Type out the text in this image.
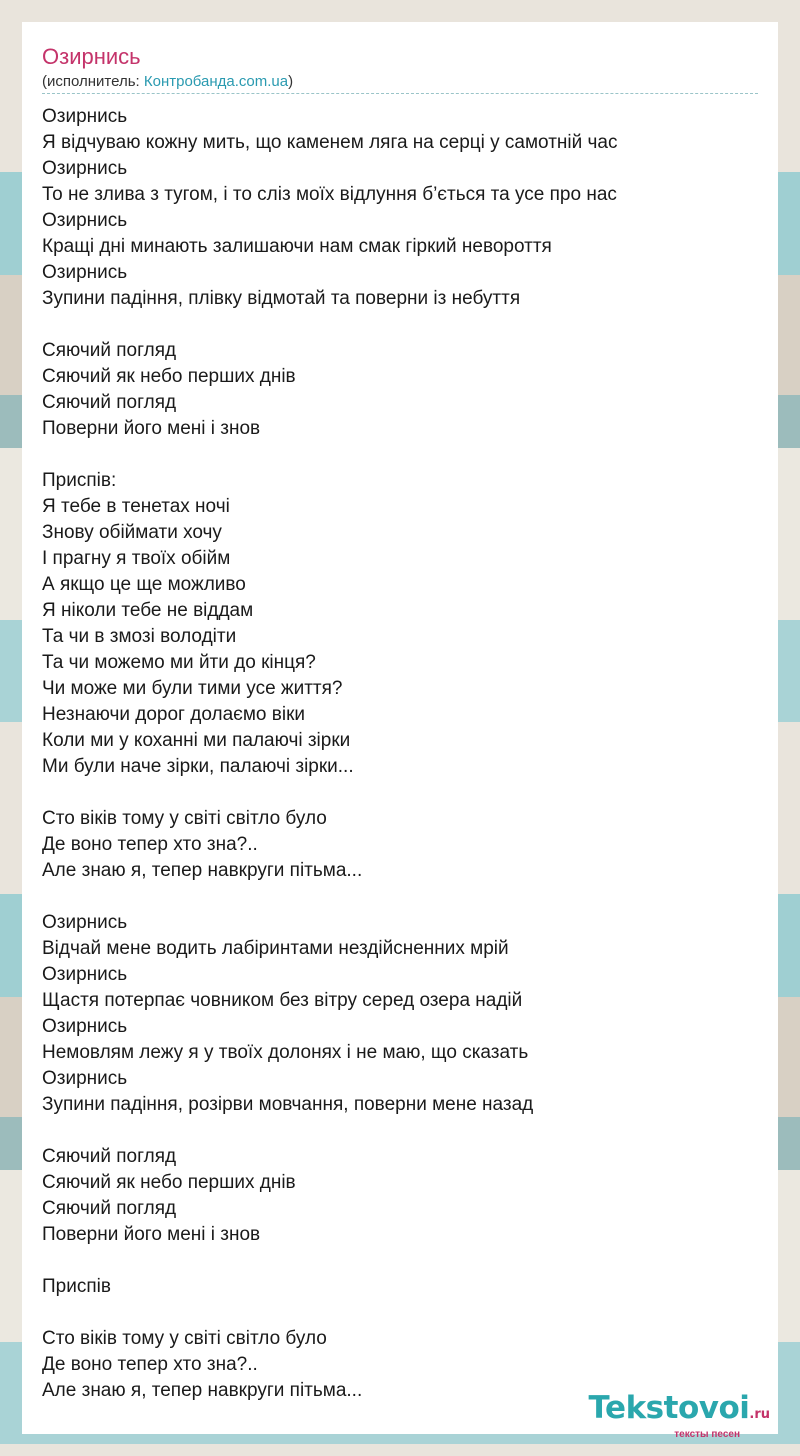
Озирнись
(исполнитель: Контробанда.com.ua)
Озирнись
Я відчуваю кожну мить, що каменем ляга на серці у самотній час
Озирнись
То не злива з тугом, і то сліз моїх відлуння б’ється та усе про нас
Озирнись
Кращі дні минають залишаючи нам смак гіркий невороття
Озирнись
Зупини падіння, плівку відмотай та поверни із небуття
Сяючий погляд
Сяючий як небо перших днів
Сяючий погляд
Поверни його мені і знов
Приспів:
Я тебе в тенетах ночі
Знову обіймати хочу
І прагну я твоїх обійм
А якщо це ще можливо
Я ніколи тебе не віддам
Та чи в змозі володіти
Та чи можемо ми йти до кінця?
Чи може ми були тими усе життя?
Незнаючи дорог долаємо віки
Коли ми у коханні ми палаючі зірки
Ми були наче зірки, палаючі зірки...
Сто віків тому у світі світло було
Де воно тепер хто зна?..
Але знаю я, тепер навкруги пітьма...
Озирнись
Відчай мене водить лабіринтами нездійсненних мрій
Озирнись
Щастя потерпає човником без вітру серед озера надій
Озирнись
Немовлям лежу я у твоїх долонях і не маю, що сказать
Озирнись
Зупини падіння, розірви мовчання, поверни мене назад
Сяючий погляд
Сяючий як небо перших днів
Сяючий погляд
Поверни його мені і знов
Приспів
Сто віків тому у світі світло було
Де воно тепер хто зна?..
Але знаю я, тепер навкруги пітьма...	Tekstovoi.ru
тексты песен
